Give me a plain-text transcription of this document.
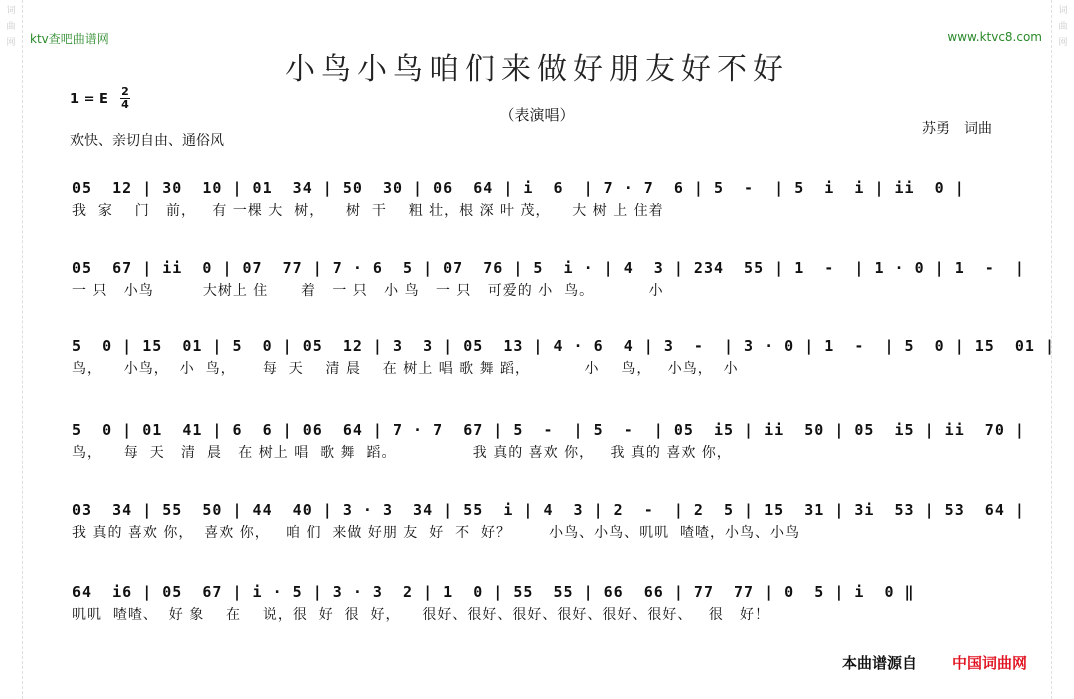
词
曲
网
词
曲
网
ktv查吧曲谱网	www.ktvc8.com
小鸟小鸟咱们来做好朋友好不好
1 = E
2
4
（表演唱）
苏勇　词曲
欢快、亲切自由、通俗风
05  12 | 30  10 | 01  34 | 50  30 | 06  64 | i  6  | 7 · 7  6 | 5  -  | 5  i  i | ii  0 |
我  家    门   前，   有 一棵 大  树，    树  干    粗 壮，根 深 叶 茂，    大 树 上 住着
05  67 | ii  0 | 07  77 | 7 · 6  5 | 07  76 | 5  i · | 4  3 | 234  55 | 1  -  | 1 · 0 | 1  -  |
一 只   小鸟         大树上 住      着   一 只   小 鸟   一 只   可爱的 小  鸟。          小
5  0 | 15  01 | 5  0 | 05  12 | 3  3 | 05  13 | 4 · 6  4 | 3  -  | 3 · 0 | 1  -  | 5  0 | 15  01 |
鸟，    小鸟，  小  鸟，     每  天    清 晨    在 树上 唱 歌 舞 蹈，          小    鸟，   小鸟，  小
5  0 | 01  41 | 6  6 | 06  64 | 7 · 7  67 | 5  -  | 5  -  | 05  i5 | ii  50 | 05  i5 | ii  70 |
鸟，    每  天   清  晨   在 树上 唱  歌 舞  蹈。              我 真的 喜欢 你，   我 真的 喜欢 你，
03  34 | 55  50 | 44  40 | 3 · 3  34 | 55  i | 4  3 | 2  -  | 2  5 | 15  31 | 3i  53 | 53  64 |
我 真的 喜欢 你，  喜欢 你，   咱 们  来做 好朋 友  好  不  好？       小鸟、小鸟、叽叽  喳喳，小鸟、小鸟
64  i6 | 05  67 | i · 5 | 3 · 3  2 | 1  0 | 55  55 | 66  66 | 77  77 | 0  5 | i  0 ‖
叽叽  喳喳、  好 象    在    说，很  好  很  好，    很好、很好、很好、很好、很好、很好、   很   好！
本曲谱源自 中国词曲网
